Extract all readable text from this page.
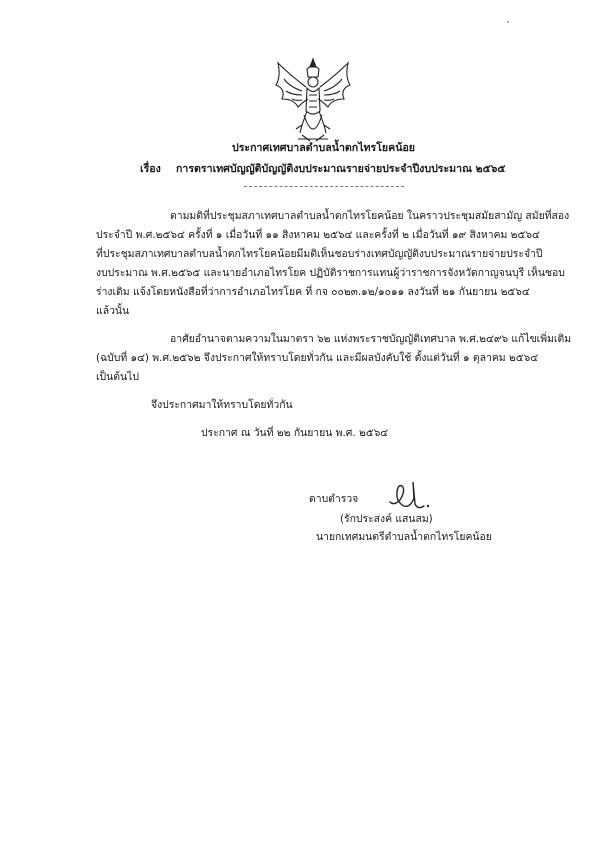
ประกาศเทศบาลตำบลน้ำตกไทรโยคน้อย
เรื่อง การตราเทศบัญญัติบัญญัติงบประมาณรายจ่ายประจำปีงบประมาณ ๒๕๖๕
ตามมติที่ประชุมสภาเทศบาลตำบลน้ำตกไทรโยคน้อย ในคราวประชุมสมัยสามัญ สมัยที่สอง
ประจำปี พ.ศ.๒๕๖๔ ครั้งที่ ๑ เมื่อวันที่ ๑๑ สิงหาคม ๒๕๖๔ และครั้งที่ ๒ เมื่อวันที่ ๑๙ สิงหาคม ๒๕๖๔
ที่ประชุมสภาเทศบาลตำบลน้ำตกไทรโยคน้อยมีมติเห็นชอบร่างเทศบัญญัติงบประมาณรายจ่ายประจำปี
งบประมาณ พ.ศ.๒๕๖๕ และนายอำเภอไทรโยค ปฏิบัติราชการแทนผู้ว่าราชการจังหวัดกาญจนบุรี เห็นชอบ
ร่างเดิม แจ้งโดยหนังสือที่ว่าการอำเภอไทรโยค ที่ กจ ๐๐๒๓.๑๒/๑๐๑๑ ลงวันที่ ๒๑ กันยายน ๒๕๖๔
แล้วนั้น
อาศัยอำนาจตามความในมาตรา ๖๒ แห่งพระราชบัญญัติเทศบาล พ.ศ.๒๔๙๖ แก้ไขเพิ่มเติม
(ฉบับที่ ๑๔) พ.ศ.๒๕๖๒ จึงประกาศให้ทราบโดยทั่วกัน และมีผลบังคับใช้ ตั้งแต่วันที่ ๑ ตุลาคม ๒๕๖๔
เป็นต้นไป
จึงประกาศมาให้ทราบโดยทั่วกัน
ประกาศ ณ วันที่ ๒๒ กันยายน พ.ศ. ๒๕๖๔
ดาบตำรวจ
(รักประสงค์ แสนสม)
นายกเทศมนตรีตำบลน้ำตกไทรโยคน้อย
